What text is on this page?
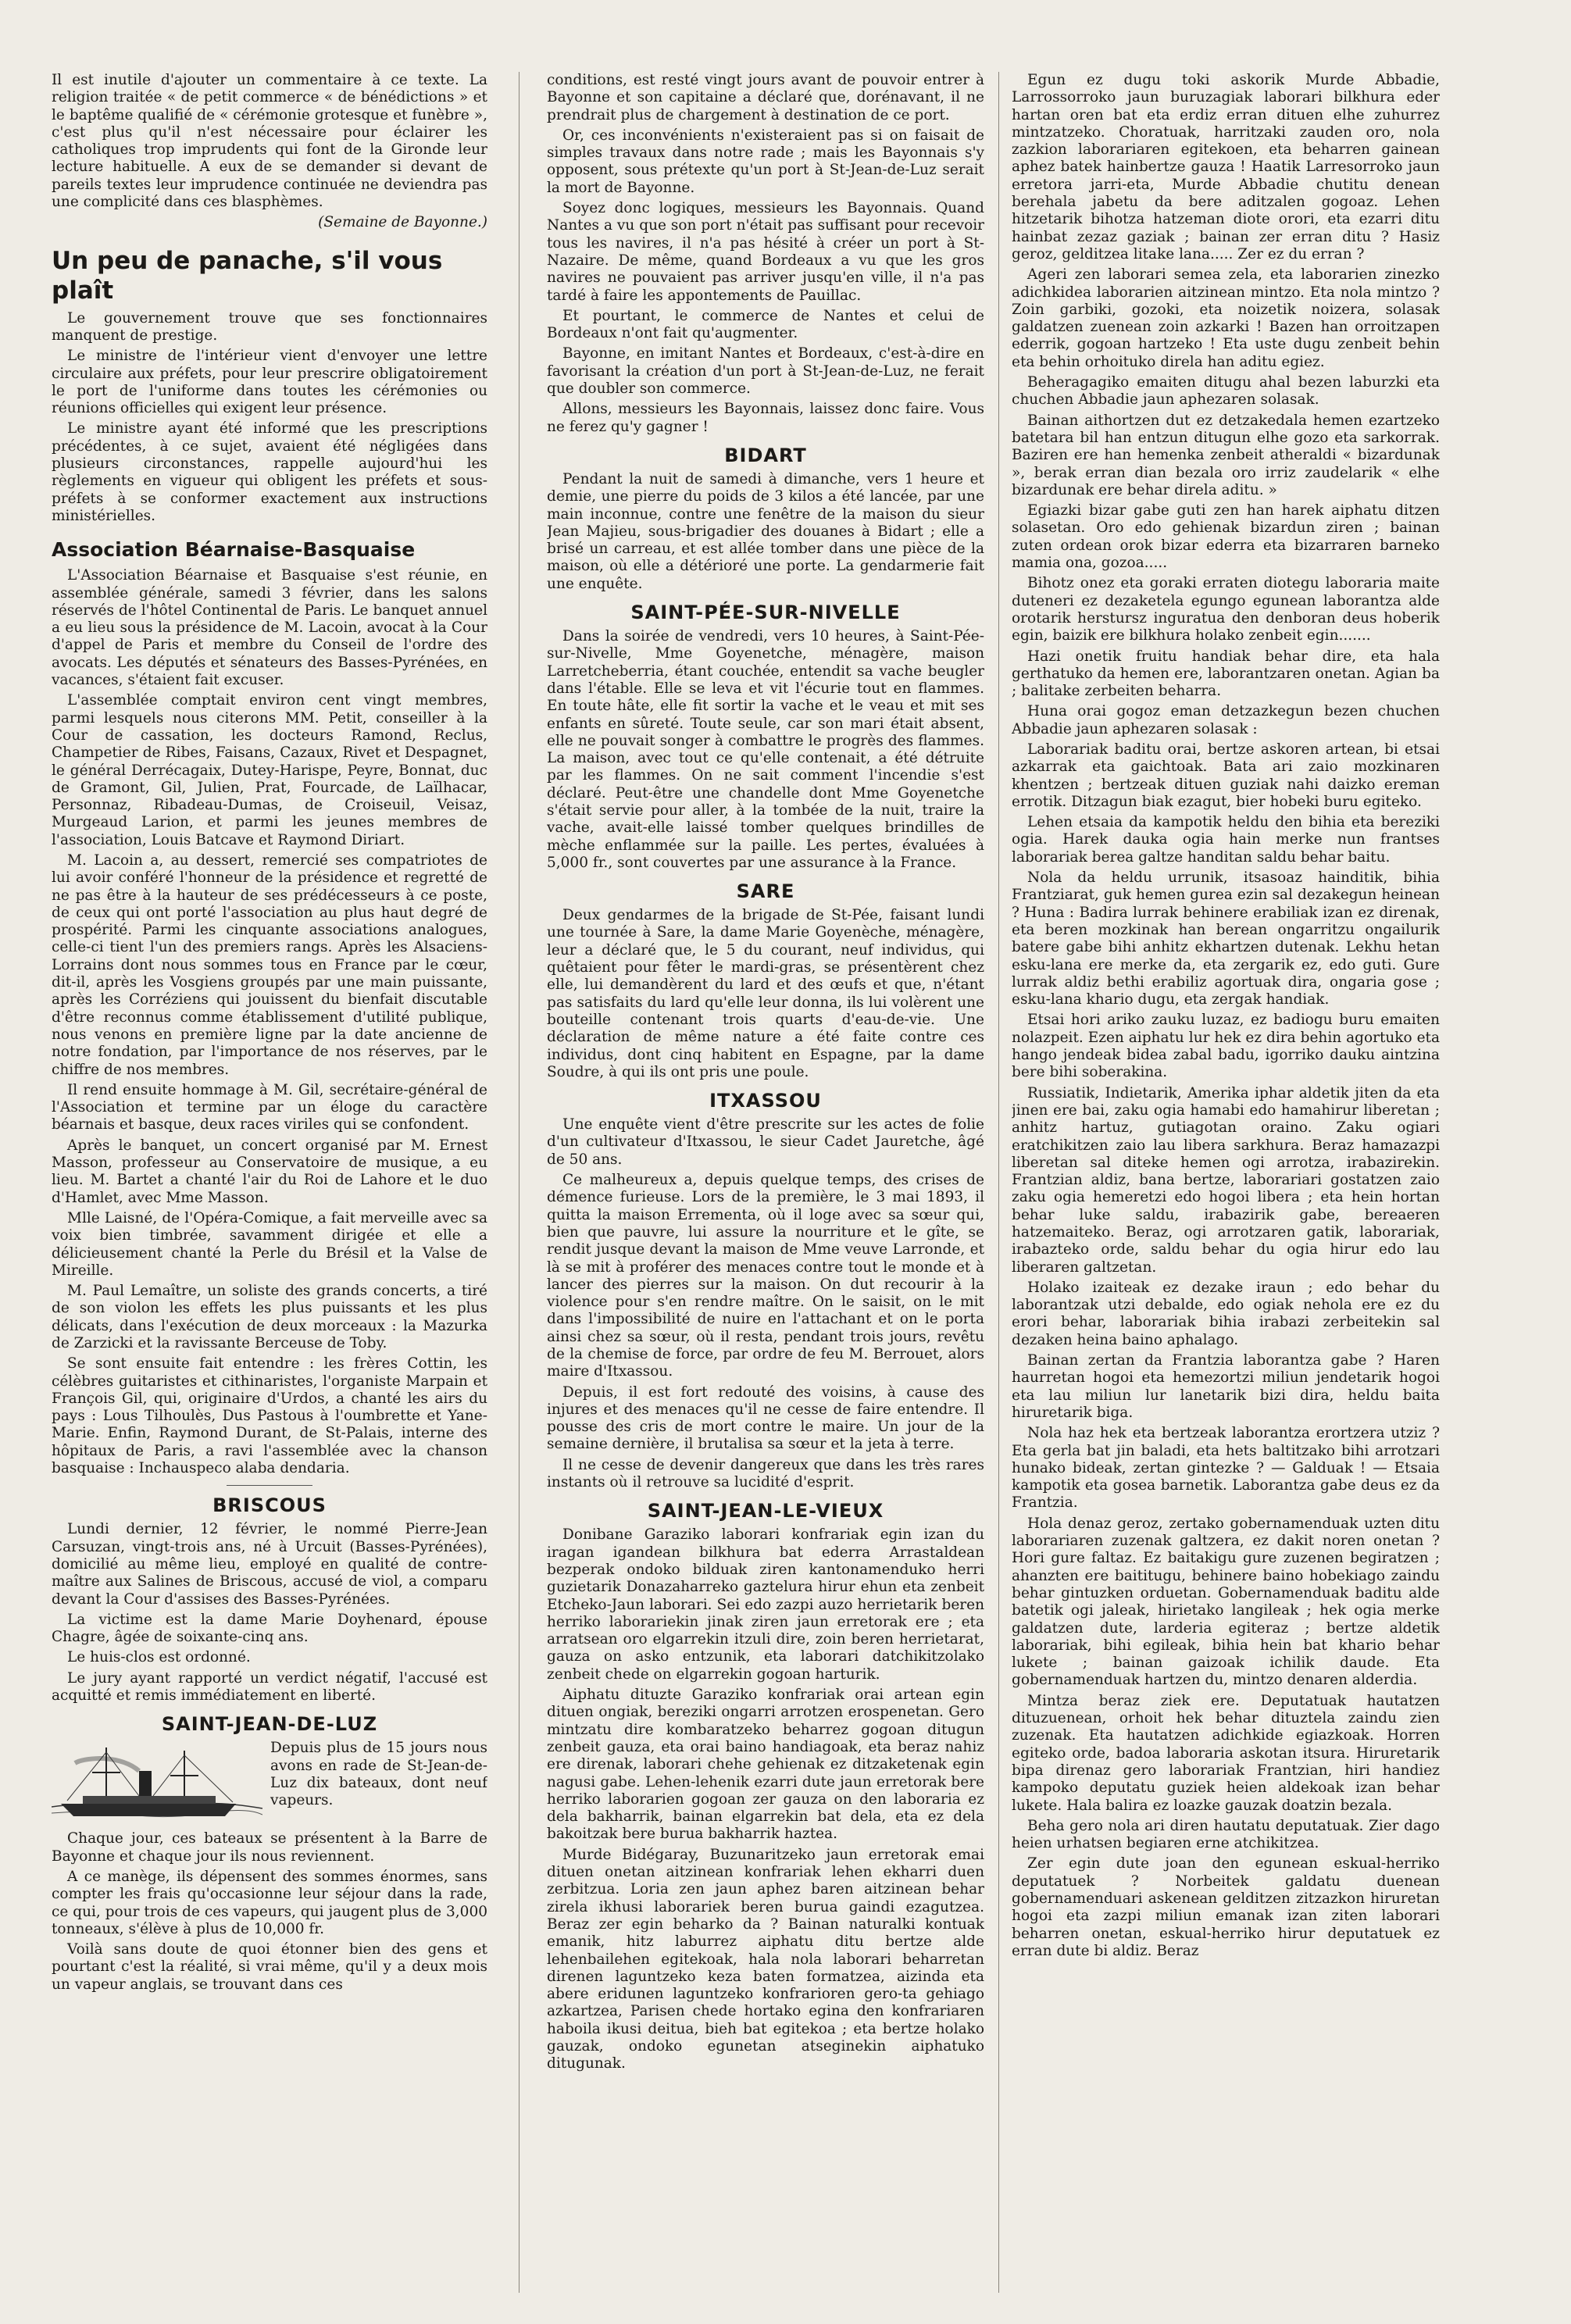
Il est inutile d'ajouter un commentaire à ce texte. La religion traitée « de petit commerce « de bénédictions » et le baptême qualifié de « cérémonie grotesque et funèbre », c'est plus qu'il n'est nécessaire pour éclairer les catholiques trop imprudents qui font de la Gironde leur lecture habituelle. A eux de se demander si devant de pareils textes leur imprudence continuée ne deviendra pas une complicité dans ces blasphèmes.

(Semaine de Bayonne.)

Un peu de panache, s'il vous plaît

Le gouvernement trouve que ses fonctionnaires manquent de prestige.

Le ministre de l'intérieur vient d'envoyer une lettre circulaire aux préfets, pour leur prescrire obligatoirement le port de l'uniforme dans toutes les cérémonies ou réunions officielles qui exigent leur présence.

Le ministre ayant été informé que les prescriptions précédentes, à ce sujet, avaient été négligées dans plusieurs circonstances, rappelle aujourd'hui les règlements en vigueur qui obligent les préfets et sous-préfets à se conformer exactement aux instructions ministérielles.

Association Béarnaise-Basquaise

L'Association Béarnaise et Basquaise s'est réunie, en assemblée générale, samedi 3 février, dans les salons réservés de l'hôtel Continental de Paris. Le banquet annuel a eu lieu sous la présidence de M. Lacoin, avocat à la Cour d'appel de Paris et membre du Conseil de l'ordre des avocats. Les députés et sénateurs des Basses-Pyrénées, en vacances, s'étaient fait excuser.

L'assemblée comptait environ cent vingt membres, parmi lesquels nous citerons MM. Petit, conseiller à la Cour de cassation, les docteurs Ramond, Reclus, Champetier de Ribes, Faisans, Cazaux, Rivet et Despagnet, le général Derrécagaix, Dutey-Harispe, Peyre, Bonnat, duc de Gramont, Gil, Julien, Prat, Fourcade, de Laïlhacar, Personnaz, Ribadeau-Dumas, de Croiseuil, Veisaz, Murgeaud Larion, et parmi les jeunes membres de l'association, Louis Batcave et Raymond Diriart.

M. Lacoin a, au dessert, remercié ses compatriotes de lui avoir conféré l'honneur de la présidence et regretté de ne pas être à la hauteur de ses prédécesseurs à ce poste, de ceux qui ont porté l'association au plus haut degré de prospérité. Parmi les cinquante associations analogues, celle-ci tient l'un des premiers rangs. Après les Alsaciens-Lorrains dont nous sommes tous en France par le cœur, dit-il, après les Vosgiens groupés par une main puissante, après les Corréziens qui jouissent du bienfait discutable d'être reconnus comme établissement d'utilité publique, nous venons en première ligne par la date ancienne de notre fondation, par l'importance de nos réserves, par le chiffre de nos membres.

Il rend ensuite hommage à M. Gil, secrétaire-général de l'Association et termine par un éloge du caractère béarnais et basque, deux races viriles qui se confondent.

Après le banquet, un concert organisé par M. Ernest Masson, professeur au Conservatoire de musique, a eu lieu. M. Bartet a chanté l'air du Roi de Lahore et le duo d'Hamlet, avec Mme Masson.

Mlle Laisné, de l'Opéra-Comique, a fait merveille avec sa voix bien timbrée, savamment dirigée et elle a délicieusement chanté la Perle du Brésil et la Valse de Mireille.

M. Paul Lemaître, un soliste des grands concerts, a tiré de son violon les effets les plus puissants et les plus délicats, dans l'exécution de deux morceaux : la Mazurka de Zarzicki et la ravissante Berceuse de Toby.

Se sont ensuite fait entendre : les frères Cottin, les célèbres guitaristes et cithinaristes, l'organiste Marpain et François Gil, qui, originaire d'Urdos, a chanté les airs du pays : Lous Tilhoulès, Dus Pastous à l'oumbrette et Yane-Marie. Enfin, Raymond Durant, de St-Palais, interne des hôpitaux de Paris, a ravi l'assemblée avec la chanson basquaise : Inchauspeco alaba dendaria.

BRISCOUS

Lundi dernier, 12 février, le nommé Pierre-Jean Carsuzan, vingt-trois ans, né à Urcuit (Basses-Pyrénées), domicilié au même lieu, employé en qualité de contre-maître aux Salines de Briscous, accusé de viol, a comparu devant la Cour d'assises des Basses-Pyrénées.

La victime est la dame Marie Doyhenard, épouse Chagre, âgée de soixante-cinq ans.

Le huis-clos est ordonné.

Le jury ayant rapporté un verdict négatif, l'accusé est acquitté et remis immédiatement en liberté.

SAINT-JEAN-DE-LUZ

Depuis plus de 15 jours nous avons en rade de St-Jean-de-Luz dix bateaux, dont neuf vapeurs.

Chaque jour, ces bateaux se présentent à la Barre de Bayonne et chaque jour ils nous reviennent.

A ce manège, ils dépensent des sommes énormes, sans compter les frais qu'occasionne leur séjour dans la rade, ce qui, pour trois de ces vapeurs, qui jaugent plus de 3,000 tonneaux, s'élève à plus de 10,000 fr.

Voilà sans doute de quoi étonner bien des gens et pourtant c'est la réalité, si vrai même, qu'il y a deux mois un vapeur anglais, se trouvant dans ces

conditions, est resté vingt jours avant de pouvoir entrer à Bayonne et son capitaine a déclaré que, dorénavant, il ne prendrait plus de chargement à destination de ce port.

Or, ces inconvénients n'existeraient pas si on faisait de simples travaux dans notre rade ; mais les Bayonnais s'y opposent, sous prétexte qu'un port à St-Jean-de-Luz serait la mort de Bayonne.

Soyez donc logiques, messieurs les Bayonnais. Quand Nantes a vu que son port n'était pas suffisant pour recevoir tous les navires, il n'a pas hésité à créer un port à St-Nazaire. De même, quand Bordeaux a vu que les gros navires ne pouvaient pas arriver jusqu'en ville, il n'a pas tardé à faire les appontements de Pauillac.

Et pourtant, le commerce de Nantes et celui de Bordeaux n'ont fait qu'augmenter.

Bayonne, en imitant Nantes et Bordeaux, c'est-à-dire en favorisant la création d'un port à St-Jean-de-Luz, ne ferait que doubler son commerce.

Allons, messieurs les Bayonnais, laissez donc faire. Vous ne ferez qu'y gagner !

BIDART

Pendant la nuit de samedi à dimanche, vers 1 heure et demie, une pierre du poids de 3 kilos a été lancée, par une main inconnue, contre une fenêtre de la maison du sieur Jean Majieu, sous-brigadier des douanes à Bidart ; elle a brisé un carreau, et est allée tomber dans une pièce de la maison, où elle a détérioré une porte. La gendarmerie fait une enquête.

SAINT-PÉE-SUR-NIVELLE

Dans la soirée de vendredi, vers 10 heures, à Saint-Pée-sur-Nivelle, Mme Goyenetche, ménagère, maison Larretcheberria, étant couchée, entendit sa vache beugler dans l'étable. Elle se leva et vit l'écurie tout en flammes. En toute hâte, elle fit sortir la vache et le veau et mit ses enfants en sûreté. Toute seule, car son mari était absent, elle ne pouvait songer à combattre le progrès des flammes. La maison, avec tout ce qu'elle contenait, a été détruite par les flammes. On ne sait comment l'incendie s'est déclaré. Peut-être une chandelle dont Mme Goyenetche s'était servie pour aller, à la tombée de la nuit, traire la vache, avait-elle laissé tomber quelques brindilles de mèche enflammée sur la paille. Les pertes, évaluées à 5,000 fr., sont couvertes par une assurance à la France.

SARE

Deux gendarmes de la brigade de St-Pée, faisant lundi une tournée à Sare, la dame Marie Goyenèche, ménagère, leur a déclaré que, le 5 du courant, neuf individus, qui quêtaient pour fêter le mardi-gras, se présentèrent chez elle, lui demandèrent du lard et des œufs et que, n'étant pas satisfaits du lard qu'elle leur donna, ils lui volèrent une bouteille contenant trois quarts d'eau-de-vie. Une déclaration de même nature a été faite contre ces individus, dont cinq habitent en Espagne, par la dame Soudre, à qui ils ont pris une poule.

ITXASSOU

Une enquête vient d'être prescrite sur les actes de folie d'un cultivateur d'Itxassou, le sieur Cadet Jauretche, âgé de 50 ans.

Ce malheureux a, depuis quelque temps, des crises de démence furieuse. Lors de la première, le 3 mai 1893, il quitta la maison Errementa, où il loge avec sa sœur qui, bien que pauvre, lui assure la nourriture et le gîte, se rendit jusque devant la maison de Mme veuve Larronde, et là se mit à proférer des menaces contre tout le monde et à lancer des pierres sur la maison. On dut recourir à la violence pour s'en rendre maître. On le saisit, on le mit dans l'impossibilité de nuire en l'attachant et on le porta ainsi chez sa sœur, où il resta, pendant trois jours, revêtu de la chemise de force, par ordre de feu M. Berrouet, alors maire d'Itxassou.

Depuis, il est fort redouté des voisins, à cause des injures et des menaces qu'il ne cesse de faire entendre. Il pousse des cris de mort contre le maire. Un jour de la semaine dernière, il brutalisa sa sœur et la jeta à terre.

Il ne cesse de devenir dangereux que dans les très rares instants où il retrouve sa lucidité d'esprit.

SAINT-JEAN-LE-VIEUX

Donibane Garaziko laborari konfrariak egin izan du iragan igandean bilkhura bat ederra Arrastaldean bezperak ondoko bilduak ziren kantonamenduko herri guzietarik Donazaharreko gaztelura hirur ehun eta zenbeit Etcheko-Jaun laborari. Sei edo zazpi auzo herrietarik beren herriko laborariekin jinak ziren jaun erretorak ere ; eta arratsean oro elgarrekin itzuli dire, zoin beren herrietarat, gauza on asko entzunik, eta laborari datchikitzolako zenbeit chede on elgarrekin gogoan harturik.

Aiphatu dituzte Garaziko konfrariak orai artean egin dituen ongiak, bereziki ongarri arrotzen erospenetan. Gero mintzatu dire kombaratzeko beharrez gogoan ditugun zenbeit gauza, eta orai baino handiagoak, eta beraz nahiz ere direnak, laborari chehe gehienak ez ditzaketenak egin nagusi gabe. Lehen-lehenik ezarri dute jaun erretorak bere herriko laborarien gogoan zer gauza on den laboraria ez dela bakharrik, bainan elgarrekin bat dela, eta ez dela bakoitzak bere burua bakharrik haztea.

Murde Bidégaray, Buzunaritzeko jaun erretorak emai dituen onetan aitzinean konfrariak lehen ekharri duen zerbitzua. Loria zen jaun aphez baren aitzinean behar zirela ikhusi laborariek beren burua gaindi ezagutzea. Beraz zer egin beharko da ? Bainan naturalki kontuak emanik, hitz laburrez aiphatu ditu bertze alde lehenbailehen egitekoak, hala nola laborari beharretan direnen laguntzeko keza baten formatzea, aizinda eta abere eridunen laguntzeko konfrarioren gero-ta gehiago azkartzea, Parisen chede hortako egina den konfrariaren haboila ikusi deitua, bieh bat egitekoa ; eta bertze holako gauzak, ondoko egunetan atseginekin aiphatuko ditugunak.

Egun ez dugu toki askorik Murde Abbadie, Larrossorroko jaun buruzagiak laborari bilkhura eder hartan oren bat eta erdiz erran dituen elhe zuhurrez mintzatzeko. Choratuak, harritzaki zauden oro, nola zazkion laborariaren egitekoen, eta beharren gainean aphez batek hainbertze gauza ! Haatik Larresorroko jaun erretora jarri-eta, Murde Abbadie chutitu denean berehala jabetu da bere aditzalen gogoaz. Lehen hitzetarik bihotza hatzeman diote orori, eta ezarri ditu hainbat zezaz gaziak ; bainan zer erran ditu ? Hasiz geroz, gelditzea litake lana..... Zer ez du erran ?

Ageri zen laborari semea zela, eta laborarien zinezko adichkidea laborarien aitzinean mintzo. Eta nola mintzo ? Zoin garbiki, gozoki, eta noizetik noizera, solasak galdatzen zuenean zoin azkarki ! Bazen han orroitzapen ederrik, gogoan hartzeko ! Eta uste dugu zenbeit behin eta behin orhoituko direla han aditu egiez.

Beheragagiko emaiten ditugu ahal bezen laburzki eta chuchen Abbadie jaun aphezaren solasak.

Bainan aithortzen dut ez detzakedala hemen ezartzeko batetara bil han entzun ditugun elhe gozo eta sarkorrak. Baziren ere han hemenka zenbeit atheraldi « bizardunak », berak erran dian bezala oro irriz zaudelarik « elhe bizardunak ere behar direla aditu. »

Egiazki bizar gabe guti zen han harek aiphatu ditzen solasetan. Oro edo gehienak bizardun ziren ; bainan zuten ordean orok bizar ederra eta bizarraren barneko mamia ona, gozoa.....

Bihotz onez eta goraki erraten diotegu laboraria maite duteneri ez dezaketela egungo egunean laborantza alde orotarik herstursz inguratua den denboran deus hoberik egin, baizik ere bilkhura holako zenbeit egin.......

Hazi onetik fruitu handiak behar dire, eta hala gerthatuko da hemen ere, laborantzaren onetan. Agian ba ; balitake zerbeiten beharra.

Huna orai gogoz eman detzazkegun bezen chuchen Abbadie jaun aphezaren solasak :

Laborariak baditu orai, bertze askoren artean, bi etsai azkarrak eta gaichtoak. Bata ari zaio mozkinaren khentzen ; bertzeak dituen guziak nahi daizko ereman errotik. Ditzagun biak ezagut, bier hobeki buru egiteko.

Lehen etsaia da kampotik heldu den bihia eta bereziki ogia. Harek dauka ogia hain merke nun frantses laborariak berea galtze handitan saldu behar baitu.

Nola da heldu urrunik, itsasoaz hainditik, bihia Frantziarat, guk hemen gurea ezin sal dezakegun heinean ? Huna : Badira lurrak behinere erabiliak izan ez direnak, eta beren mozkinak han berean ongarritzu ongailurik batere gabe bihi anhitz ekhartzen dutenak. Lekhu hetan esku-lana ere merke da, eta zergarik ez, edo guti. Gure lurrak aldiz bethi erabiliz agortuak dira, ongaria gose ; esku-lana khario dugu, eta zergak handiak.

Etsai hori ariko zauku luzaz, ez badiogu buru emaiten nolazpeit. Ezen aiphatu lur hek ez dira behin agortuko eta hango jendeak bidea zabal badu, igorriko dauku aintzina bere bihi soberakina.

Russiatik, Indietarik, Amerika iphar aldetik jiten da eta jinen ere bai, zaku ogia hamabi edo hamahirur liberetan ; anhitz hartuz, gutiagotan oraino. Zaku ogiari eratchikitzen zaio lau libera sarkhura. Beraz hamazazpi liberetan sal diteke hemen ogi arrotza, irabazirekin. Frantzian aldiz, bana bertze, laborariari gostatzen zaio zaku ogia hemeretzi edo hogoi libera ; eta hein hortan behar luke saldu, irabazirik gabe, bereaeren hatzemaiteko. Beraz, ogi arrotzaren gatik, laborariak, irabazteko orde, saldu behar du ogia hirur edo lau liberaren galtzetan.

Holako izaiteak ez dezake iraun ; edo behar du laborantzak utzi debalde, edo ogiak nehola ere ez du erori behar, laborariak bihia irabazi zerbeitekin sal dezaken heina baino aphalago.

Bainan zertan da Frantzia laborantza gabe ? Haren haurretan hogoi eta hemezortzi miliun jendetarik hogoi eta lau miliun lur lanetarik bizi dira, heldu baita hiruretarik biga.

Nola haz hek eta bertzeak laborantza erortzera utziz ? Eta gerla bat jin baladi, eta hets baltitzako bihi arrotzari hunako bideak, zertan gintezke ? — Galduak ! — Etsaia kampotik eta gosea barnetik. Laborantza gabe deus ez da Frantzia.

Hola denaz geroz, zertako gobernamenduak uzten ditu laborariaren zuzenak galtzera, ez dakit noren onetan ? Hori gure faltaz. Ez baitakigu gure zuzenen begiratzen ; ahanzten ere baititugu, behinere baino hobekiago zaindu behar gintuzken orduetan. Gobernamenduak baditu alde batetik ogi jaleak, hirietako langileak ; hek ogia merke galdatzen dute, larderia egiteraz ; bertze aldetik laborariak, bihi egileak, bihia hein bat khario behar lukete ; bainan gaizoak ichilik daude. Eta gobernamenduak hartzen du, mintzo denaren alderdia.

Mintza beraz ziek ere. Deputatuak hautatzen dituzuenean, orhoit hek behar dituztela zaindu zien zuzenak. Eta hautatzen adichkide egiazkoak. Horren egiteko orde, badoa laboraria askotan itsura. Hiruretarik bipa direnaz gero laborariak Frantzian, hiri handiez kampoko deputatu guziek heien aldekoak izan behar lukete. Hala balira ez loazke gauzak doatzin bezala.

Beha gero nola ari diren hautatu deputatuak. Zier dago heien urhatsen begiaren erne atchikitzea.

Zer egin dute joan den egunean eskual-herriko deputatuek ? Norbeitek galdatu duenean gobernamenduari askenean gelditzen zitzazkon hiruretan hogoi eta zazpi miliun emanak izan ziten laborari beharren onetan, eskual-herriko hirur deputatuek ez erran dute bi aldiz. Beraz
